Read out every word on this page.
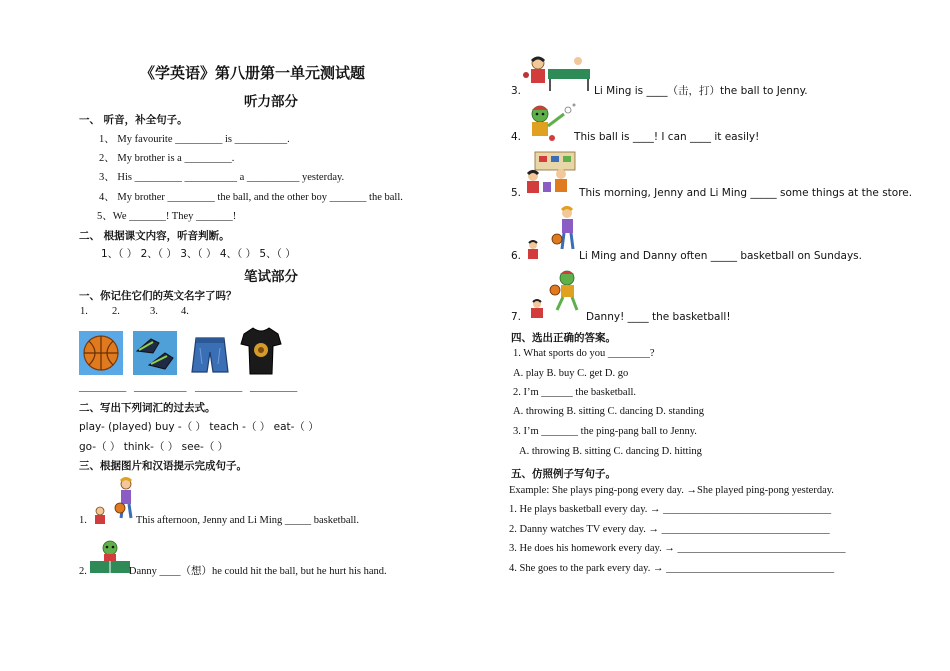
《学英语》第八册第一单元测试题
听力部分
一、 听音，补全句子。
1、 My favourite _________ is __________.
2、 My brother is a _________.
3、 His _________ __________ a __________ yesterday.
4、 My brother _________ the ball, and the other boy _______ the ball.
5、We _______! They _______!
二、 根据课文内容，听音判断。
1、（ ） 2、（ ） 3、（ ） 4、（ ） 5、（ ）
笔试部分
一、你记住它们的英文名字了吗？
1. 2.	3. 4.
_________ __________ _________ _________
二、写出下列词汇的过去式。
play- (played) buy -（ ） teach -（ ） eat-（ ）
go-（ ） think-（ ） see-（ ）
三、根据图片和汉语提示完成句子。
1.	This afternoon, Jenny and Li Ming _____ basketball.
2.	Danny ____（想）he could hit the ball, but he hurt his hand.
3.	Li Ming is ____（击，打）the ball to Jenny.
4.	This ball is ____! I can ____ it easily!
5.	This morning, Jenny and Li Ming _____ some things at the store.
6.	Li Ming and Danny often _____ basketball on Sundays.
7.	Danny! ____ the basketball!
四、选出正确的答案。
1. What sports do you ________?
A. play B. buy C. get D. go
2. I’m ______ the basketball.
A. throwing B. sitting C. dancing D. standing
3. I’m _______ the ping-pang ball to Jenny.
A. throwing B. sitting C. dancing D. hitting
五、仿照例子写句子。
Example: She plays ping-pong every day. →She played ping-pong yesterday.
1. He plays basketball every day. → ________________________________
2. Danny watches TV every day. → ________________________________
3. He does his homework every day. → ________________________________
4. She goes to the park every day. → ________________________________
